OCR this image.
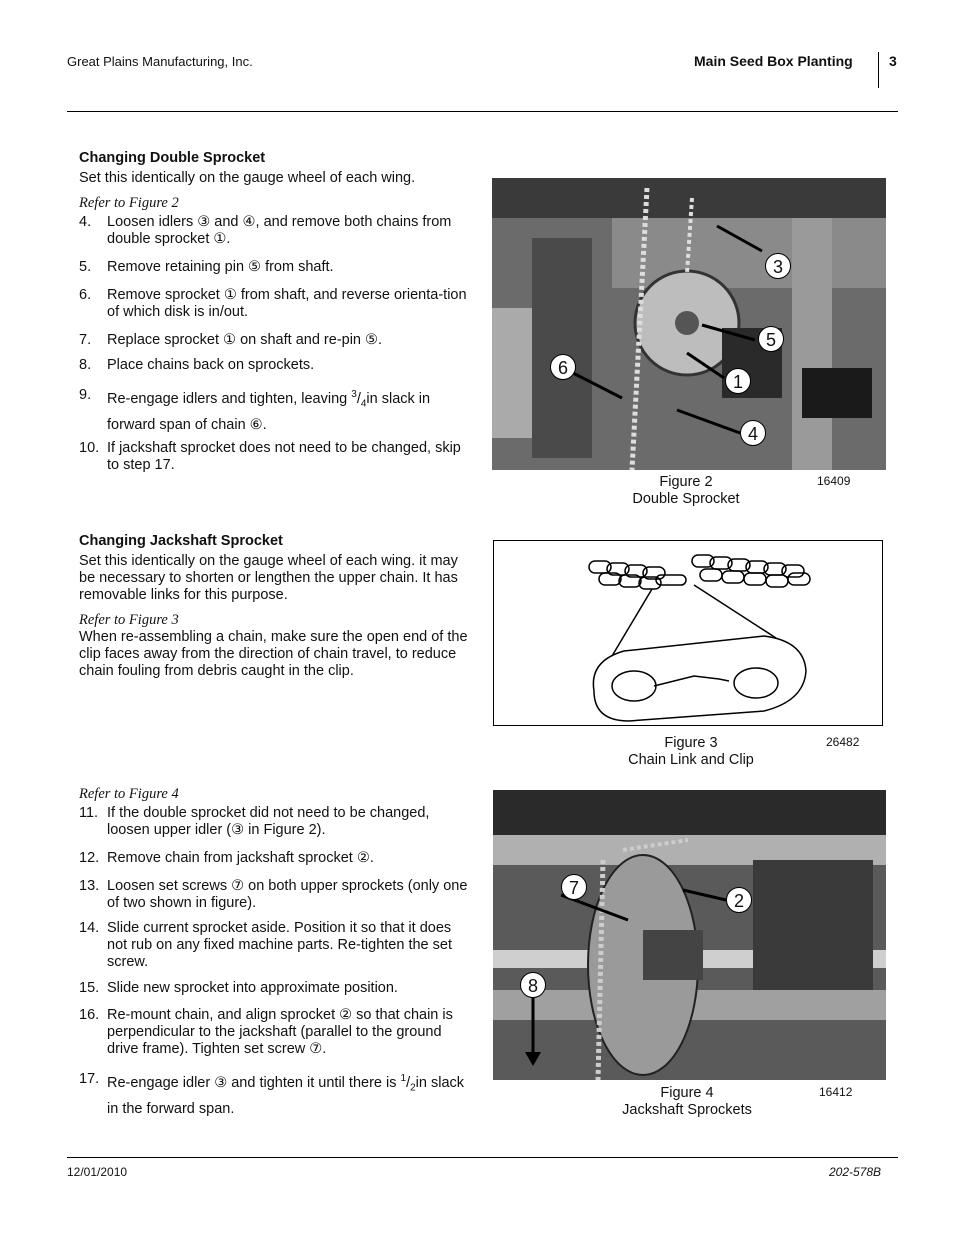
Great Plains Manufacturing, Inc.	Main Seed Box Planting	3

Changing Double Sprocket

Set this identically on the gauge wheel of each wing.

Refer to Figure 2

4. Loosen idlers ③ and ④, and remove both chains from double sprocket ①.
5. Remove retaining pin ⑤ from shaft.
6. Remove sprocket ① from shaft, and reverse orienta-tion of which disk is in/out.
7. Replace sprocket ① on shaft and re-pin ⑤.
8. Place chains back on sprockets.
9. Re-engage idlers and tighten, leaving $^3/_4in$ slack in forward span of chain ⑥.
10. If jackshaft sprocket does not need to be changed, skip to step 17.
3
5
6
1
4
Figure 2
Double Sprocket
16409

Changing Jackshaft Sprocket

Set this identically on the gauge wheel of each wing. it may be necessary to shorten or lengthen the upper chain. It has removable links for this purpose.

Refer to Figure 3

When re-assembling a chain, make sure the open end of the clip faces away from the direction of chain travel, to reduce chain fouling from debris caught in the clip.

Figure 3
Chain Link and Clip
26482

Refer to Figure 4

11. If the double sprocket did not need to be changed, loosen upper idler (③ in Figure 2).
12. Remove chain from jackshaft sprocket ②.
13. Loosen set screws ⑦ on both upper sprockets (only one of two shown in figure).
14. Slide current sprocket aside. Position it so that it does not rub on any fixed machine parts. Re-tighten the set screw.
15. Slide new sprocket into approximate position.
16. Re-mount chain, and align sprocket ② so that chain is perpendicular to the jackshaft (parallel to the ground drive frame). Tighten set screw ⑦.
17. Re-engage idler ③ and tighten it until there is $^1/_2in$ slack in the forward span.
7
2
8
Figure 4
Jackshaft Sprockets
16412
12/01/2010	202-578B
